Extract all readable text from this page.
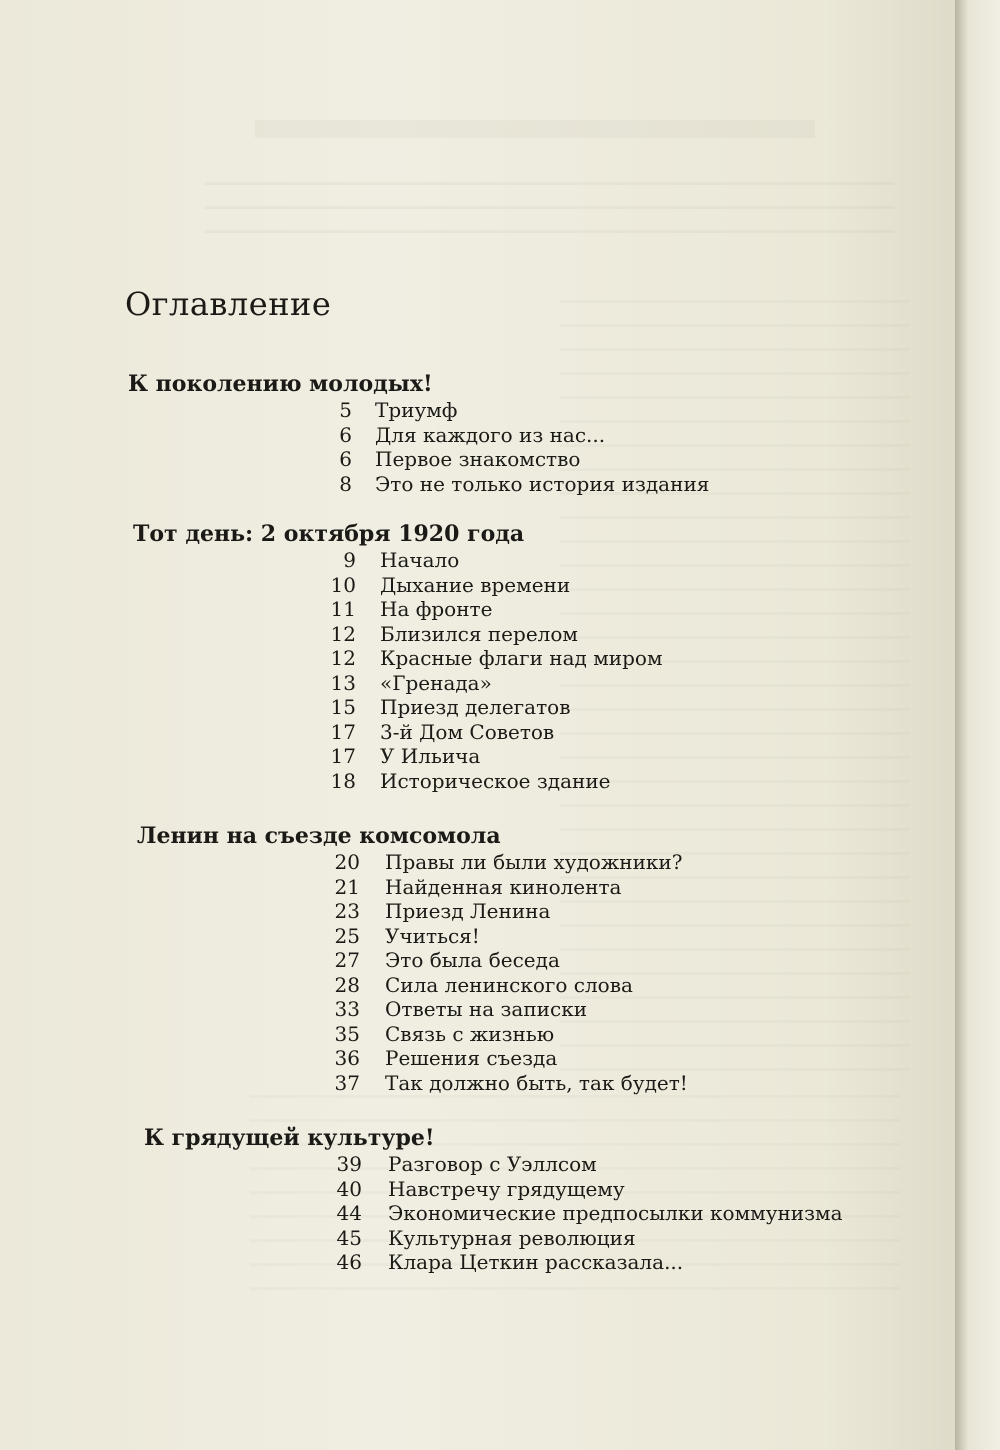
Оглавление
К поколению молодых!
5 Триумф
6 Для каждого из нас...
6 Первое знакомство
8 Это не только история издания
Тот день: 2 октября 1920 года
9 Начало
10 Дыхание времени
11 На фронте
12 Близился перелом
12 Красные флаги над миром
13 «Гренада»
15 Приезд делегатов
17 3-й Дом Советов
17 У Ильича
18 Историческое здание
Ленин на съезде комсомола
20 Правы ли были художники?
21 Найденная кинолента
23 Приезд Ленина
25 Учиться!
27 Это была беседа
28 Сила ленинского слова
33 Ответы на записки
35 Связь с жизнью
36 Решения съезда
37 Так должно быть, так будет!
К грядущей культуре!
39 Разговор с Уэллсом
40 Навстречу грядущему
44 Экономические предпосылки коммунизма
45 Культурная революция
46 Клара Цеткин рассказала...
